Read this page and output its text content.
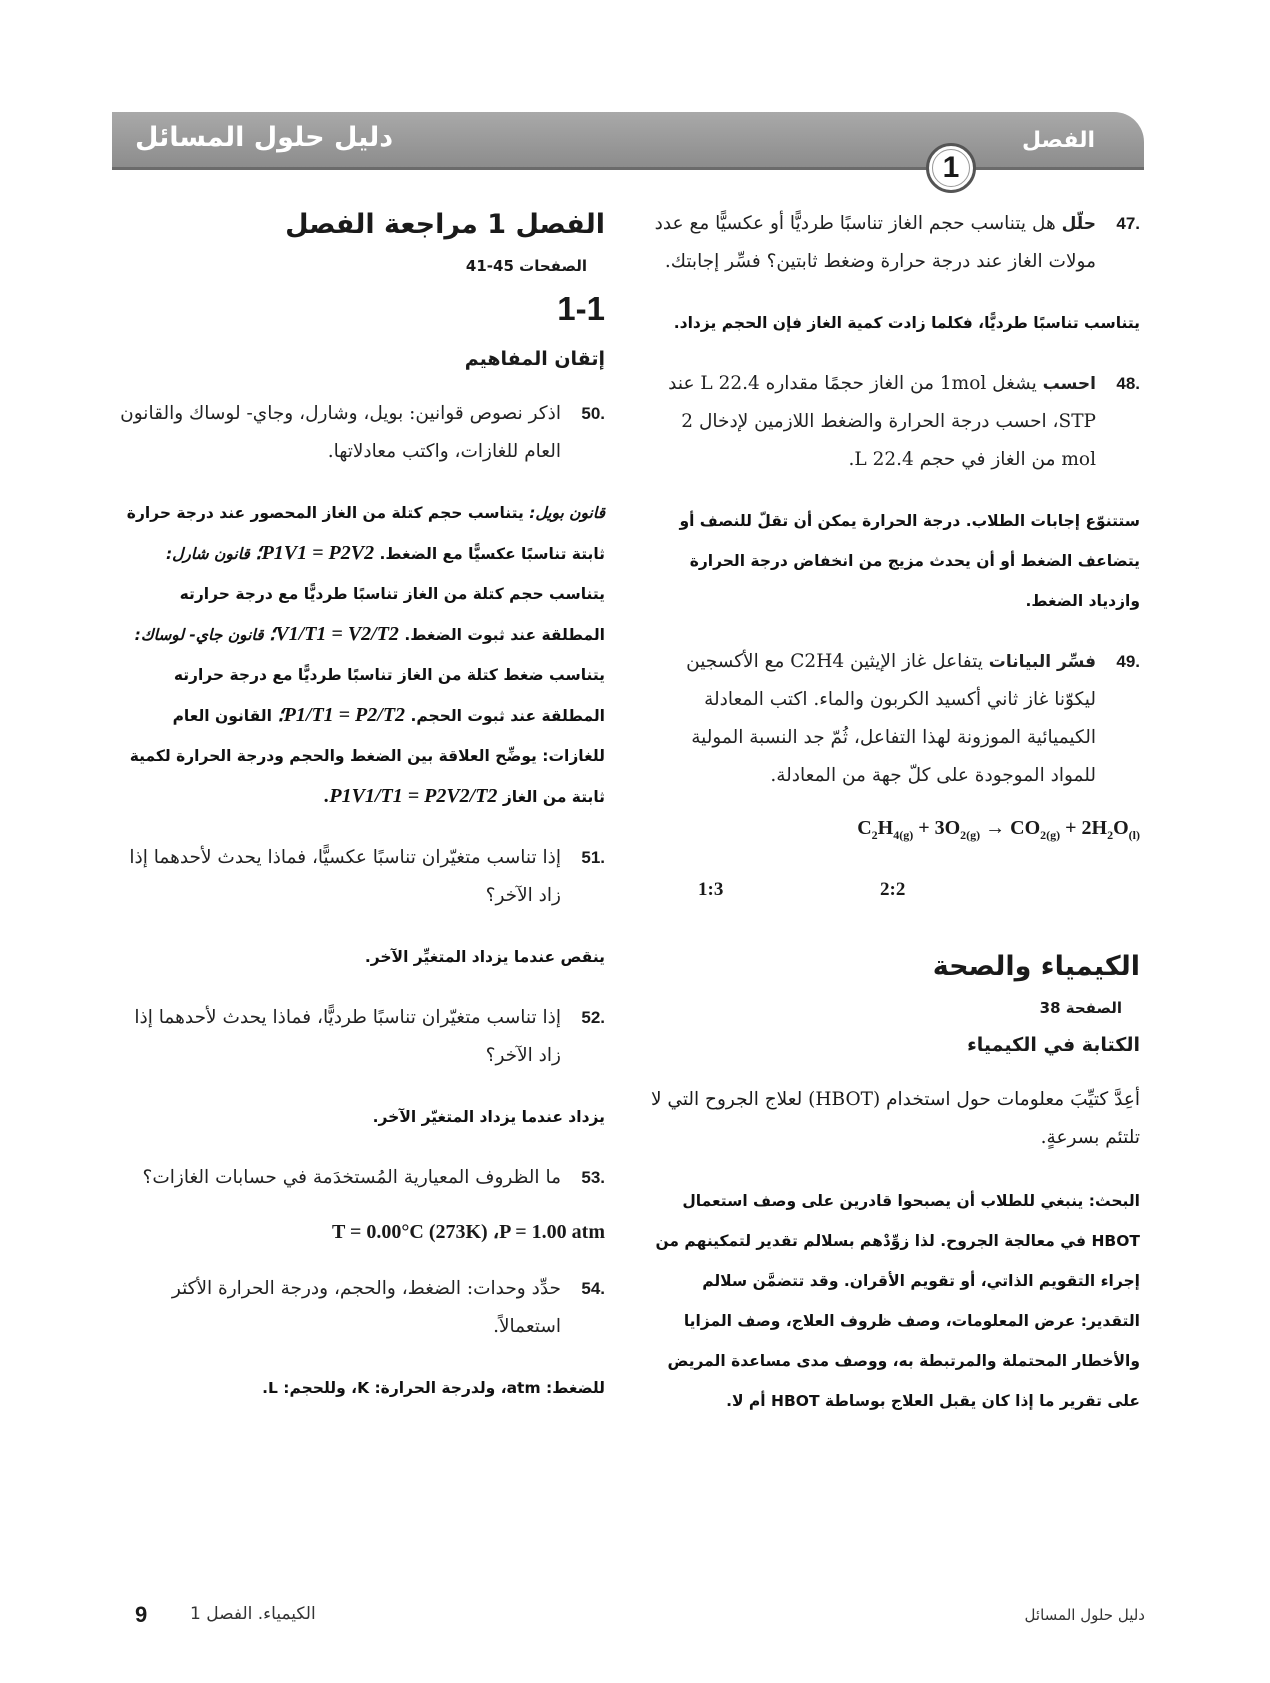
دليل حلول المسائل	الفصل
1
47.
حلّل هل يتناسب حجم الغاز تناسبًا طرديًّا أو عكسيًّا مع عدد مولات الغاز عند درجة حرارة وضغط ثابتين؟ فسِّر إجابتك.
يتناسب تناسبًا طرديًّا، فكلما زادت كمية الغاز فإن الحجم يزداد.
48.
احسب يشغل 1mol من الغاز حجمًا مقداره 22.4 L عند STP، احسب درجة الحرارة والضغط اللازمين لإدخال 2 mol من الغاز في حجم 22.4 L.
ستتنوّع إجابات الطلاب. درجة الحرارة يمكن أن تقلّ للنصف أو يتضاعف الضغط أو أن يحدث مزيج من انخفاض درجة الحرارة وازدياد الضغط.
49.
فسِّر البيانات يتفاعل غاز الإيثين C2H4 مع الأكسجين ليكوّنا غاز ثاني أكسيد الكربون والماء. اكتب المعادلة الكيميائية الموزونة لهذا التفاعل، ثُمّ جد النسبة المولية للمواد الموجودة على كلّ جهة من المعادلة.
$C_2H_{4(g)} + 3O_{2(g)} \to CO_{2(g)} + 2H_2O_{(l)}$
1:3	2:2
الكيمياء والصحة
الصفحة 38
الكتابة في الكيمياء
أعِدَّ كتيِّبَ معلومات حول استخدام (HBOT) لعلاج الجروح التي لا تلتئم بسرعةٍ.
البحث: ينبغي للطلاب أن يصبحوا قادرين على وصف استعمال HBOT في معالجة الجروح. لذا زوِّدْهم بسلالم تقدير لتمكينهم من إجراء التقويم الذاتي، أو تقويم الأقران. وقد تتضمَّن سلالم التقدير: عرض المعلومات، وصف ظروف العلاج، وصف المزايا والأخطار المحتملة والمرتبطة به، ووصف مدى مساعدة المريض على تقرير ما إذا كان يقبل العلاج بوساطة HBOT أم لا.
الفصل 1 مراجعة الفصل
الصفحات 45-41
1-1
إتقان المفاهيم
50.
اذكر نصوص قوانين: بويل، وشارل، وجاي- لوساك والقانون العام للغازات، واكتب معادلاتها.
قانون بويل: يتناسب حجم كتلة من الغاز المحصور عند درجة حرارة ثابتة تناسبًا عكسيًّا مع الضغط. P1V1 = P2V2؛ قانون شارل: يتناسب حجم كتلة من الغاز تناسبًا طرديًّا مع درجة حرارته المطلقة عند ثبوت الضغط. V1/T1 = V2/T2؛ قانون جاي- لوساك: يتناسب ضغط كتلة من الغاز تناسبًا طرديًّا مع درجة حرارته المطلقة عند ثبوت الحجم. P1/T1 = P2/T2؛ القانون العام للغازات: يوضِّح العلاقة بين الضغط والحجم ودرجة الحرارة لكمية ثابتة من الغاز P1V1/T1 = P2V2/T2.
51.
إذا تناسب متغيّران تناسبًا عكسيًّا، فماذا يحدث لأحدهما إذا زاد الآخر؟
ينقص عندما يزداد المتغيِّر الآخر.
52.
إذا تناسب متغيّران تناسبًا طرديًّا، فماذا يحدث لأحدهما إذا زاد الآخر؟
يزداد عندما يزداد المتغيّر الآخر.
53.
ما الظروف المعيارية المُستخدَمة في حسابات الغازات؟
T = 0.00°C (273K) ،P = 1.00 atm
54.
حدِّد وحدات: الضغط، والحجم، ودرجة الحرارة الأكثر استعمالاً.
للضغط: atm، ولدرجة الحرارة: K، وللحجم: L.
9	الكيمياء. الفصل 1	دليل حلول المسائل
